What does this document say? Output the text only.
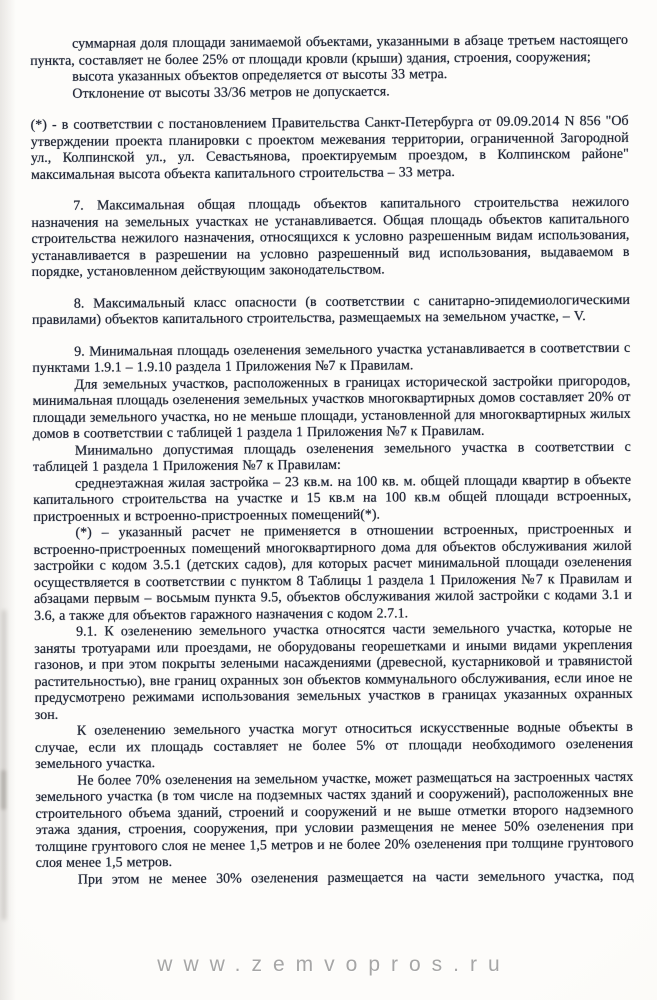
суммарная доля площади занимаемой объектами, указанными в абзаце третьем настоящего пункта, составляет не более 25% от площади кровли (крыши) здания, строения, сооружения;

высота указанных объектов определяется от высоты 33 метра.

Отклонение от высоты 33/36 метров не допускается.

(*) - в соответствии с постановлением Правительства Санкт-Петербурга от 09.09.2014 N 856 "Об утверждении проекта планировки с проектом межевания территории, ограниченной Загородной ул., Колпинской ул., ул. Севастьянова, проектируемым проездом, в Колпинском районе" максимальная высота объекта капитального строительства – 33 метра.

7. Максимальная общая площадь объектов капитального строительства нежилого назначения на земельных участках не устанавливается. Общая площадь объектов капитального строительства нежилого назначения, относящихся к условно разрешенным видам использования, устанавливается в разрешении на условно разрешенный вид использования, выдаваемом в порядке, установленном действующим законодательством.

8. Максимальный класс опасности (в соответствии с санитарно-эпидемиологическими правилами) объектов капитального строительства, размещаемых на земельном участке, – V.

9. Минимальная площадь озеленения земельного участка устанавливается в соответствии с пунктами 1.9.1 – 1.9.10 раздела 1 Приложения №7 к Правилам.

Для земельных участков, расположенных в границах исторической застройки пригородов, минимальная площадь озеленения земельных участков многоквартирных домов составляет 20% от площади земельного участка, но не меньше площади, установленной для многоквартирных жилых домов в соответствии с таблицей 1 раздела 1 Приложения №7 к Правилам.

Минимально допустимая площадь озеленения земельного участка в соответствии с таблицей 1 раздела 1 Приложения №7 к Правилам:

среднеэтажная жилая застройка – 23 кв.м. на 100 кв. м. общей площади квартир в объекте капитального строительства на участке и 15 кв.м на 100 кв.м общей площади встроенных, пристроенных и встроенно-пристроенных помещений(*).

(*) – указанный расчет не применяется в отношении встроенных, пристроенных и встроенно-пристроенных помещений многоквартирного дома для объектов обслуживания жилой застройки с кодом 3.5.1 (детских садов), для которых расчет минимальной площади озеленения осуществляется в соответствии с пунктом 8 Таблицы 1 раздела 1 Приложения №7 к Правилам и абзацами первым – восьмым пункта 9.5, объектов обслуживания жилой застройки с кодами 3.1 и 3.6, а также для объектов гаражного назначения с кодом 2.7.1.

9.1. К озеленению земельного участка относятся части земельного участка, которые не заняты тротуарами или проездами, не оборудованы георешетками и иными видами укрепления газонов, и при этом покрыты зелеными насаждениями (древесной, кустарниковой и травянистой растительностью), вне границ охранных зон объектов коммунального обслуживания, если иное не предусмотрено режимами использования земельных участков в границах указанных охранных зон.

К озеленению земельного участка могут относиться искусственные водные объекты в случае, если их площадь составляет не более 5% от площади необходимого озеленения земельного участка.

Не более 70% озеленения на земельном участке, может размещаться на застроенных частях земельного участка (в том числе на подземных частях зданий и сооружений), расположенных вне строительного объема зданий, строений и сооружений и не выше отметки второго надземного этажа здания, строения, сооружения, при условии размещения не менее 50% озеленения при толщине грунтового слоя не менее 1,5 метров и не более 20% озеленения при толщине грунтового слоя менее 1,5 метров.

При этом не менее 30% озеленения размещается на части земельного участка, под

www.zemvopros.ru
